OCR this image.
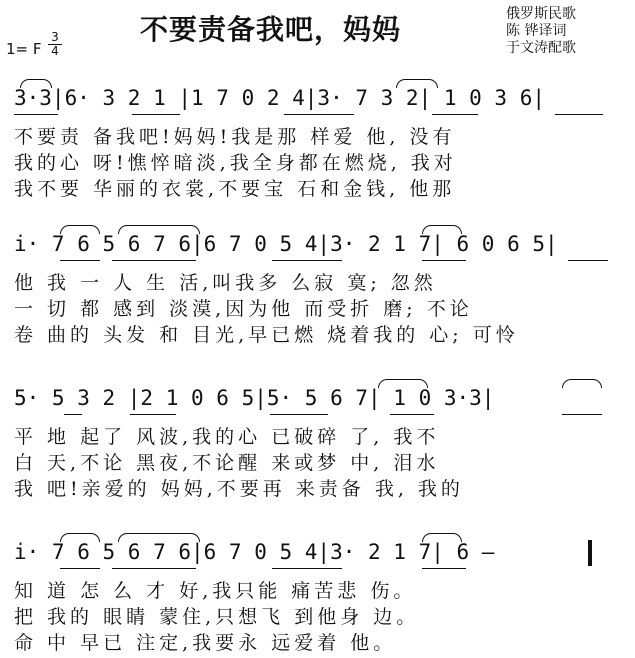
不要责备我吧，妈妈	俄罗斯民歌
陈 铧译词
于文涛配歌
1= F
3
4
3·3|6· 3 2 1 |1 7 0 2 4|3· 7 3 2| 1 0 3 6|
不要责 备我吧!妈妈!我是那 样爱 他, 没有
我的心 呀!憔悴暗淡,我全身都在燃烧, 我对
我不要 华丽的衣裳,不要宝 石和金钱, 他那
i· 7 6 5 6 7 6|6 7 0 5 4|3· 2 1 7| 6 0 6 5|
他 我 一 人 生 活,叫我多 么寂 寞; 忽然
一 切 都 感到 淡漠,因为他 而受折 磨; 不论
卷 曲的 头发 和 目光,早已燃 烧着我的 心; 可怜
5· 5 3 2 |2 1 0 6 5|5· 5 6 7| 1 0 3·3|
平 地 起了 风波,我的心 已破碎 了, 我不
白 天,不论 黑夜,不论醒 来或梦 中, 泪水
我 吧!亲爱的 妈妈,不要再 来责备 我, 我的
i· 7 6 5 6 7 6|6 7 0 5 4|3· 2 1 7| 6 –
知 道 怎 么 才 好,我只能 痛苦悲 伤。
把 我的 眼睛 蒙住,只想飞 到他身 边。
命 中 早已 注定,我要永 远爱着 他。
